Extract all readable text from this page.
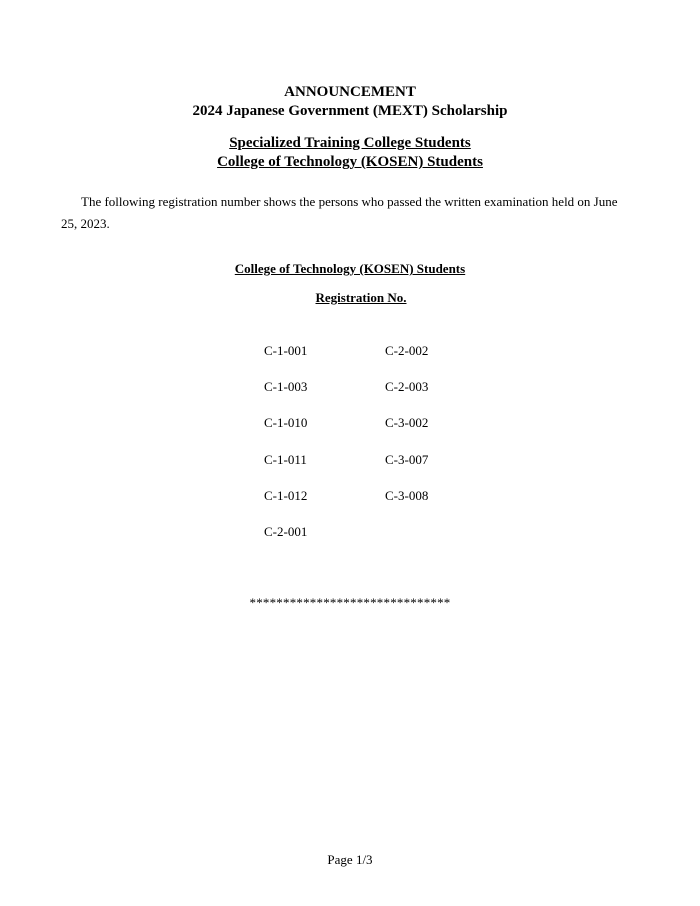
ANNOUNCEMENT
2024 Japanese Government (MEXT) Scholarship
Specialized Training College Students
College of Technology (KOSEN) Students
The following registration number shows the persons who passed the written examination held on June 25, 2023.
College of Technology (KOSEN) Students
Registration No.
C-1-001
C-1-003
C-1-010
C-1-011
C-1-012
C-2-001
C-2-002
C-2-003
C-3-002
C-3-007
C-3-008
******************************
Page 1/3
